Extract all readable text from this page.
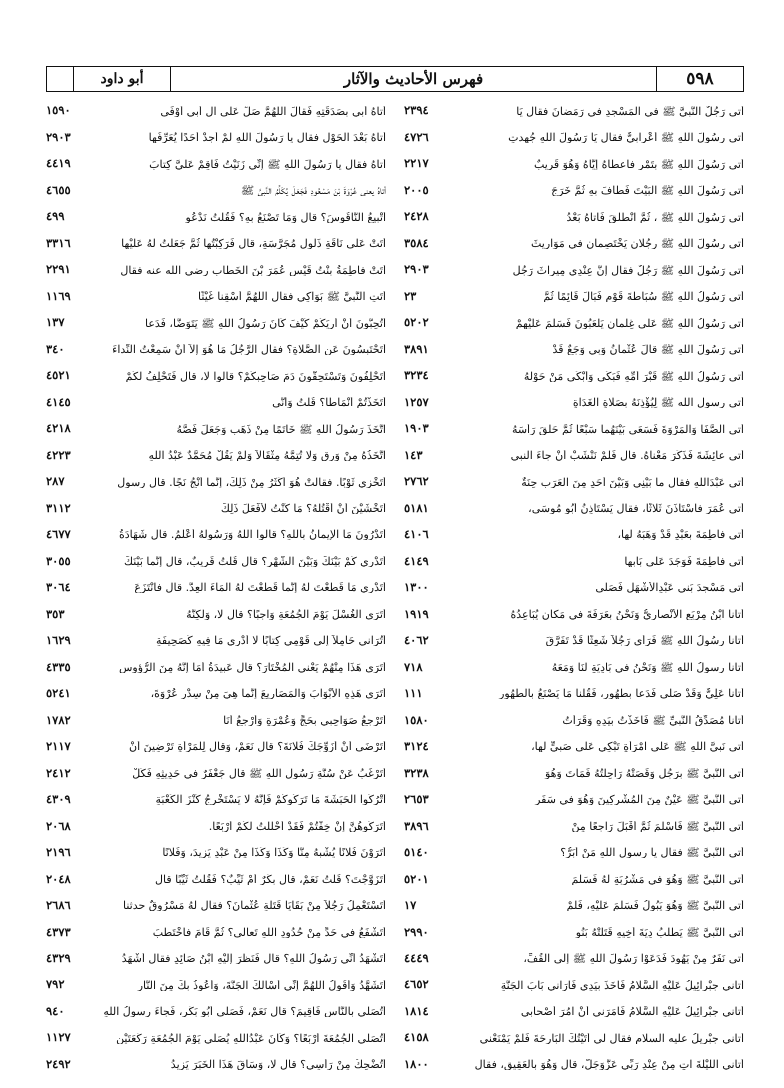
٥٩٨
فهرس الأحاديث والآثار
أبو داود
أتى رَجُلٌ النَّبيَّ ﷺ في المَسْجِدِ في رَمَضانَ فقال يَا
٢٣٩٤
أتى رسُولَ اللهِ ﷺ أعْرابيٌّ فقال يَا رَسُولَ اللهِ جُهِدتِ
٤٧٢٦
أتى رَسُولَ اللهِ ﷺ بتَمْرٍ فأعطاهُ إيَّاهُ وَهُوَ قَرِيبٌ
٢٢١٧
أتى رَسُولَ اللهِ ﷺ البَيْتَ فَطَافَ بِهِ ثُمَّ خَرَجَ
٢٠٠٥
أتى رَسُولَ اللهِ ﷺ ، ثُمَّ انْطَلَقَ فَأتاهُ بَعْدُ
٢٤٢٨
أتى رسُولَ اللهِ ﷺ رجُلانِ يَخْتَصِمانِ في مَوَارِيثَ
٣٥٨٤
أتى رَسُولَ اللهِ ﷺ رَجُلٌ فقال إنَّ عِنْدِي مِيراثَ رَجُلٍ
٢٩٠٣
أتى رَسُولُ اللهِ ﷺ سُبَاطَةَ قَوْمٍ فَبَالَ قَائِمًا ثُمَّ
٢٣
أتى رَسُولُ اللهِ ﷺ عَلَى غِلْمانٍ يَلْعَبُونَ فَسَلَّمَ عَلَيْهِمْ
٥٢٠٢
أتى رَسُولَ اللهِ ﷺ قالَ عُثْمانُ وَبِي وَجَعٌ قَدْ
٣٨٩١
أتى رَسُولُ اللهِ ﷺ قَبْرَ أُمِّهِ فَبَكَى وَأبْكَى مَنْ حَوْلَهُ
٣٢٣٤
أتى رسول الله ﷺ لِيُؤْذِنَهُ بِصَلاةِ الغَدَاةِ
١٢٥٧
أتى الصَّفَا وَالمَرْوَةَ فَسَعَى بَيْنَهُما سَبْعًا ثُمَّ حَلَقَ رَأْسَهُ
١٩٠٣
أتى عائِشَةَ فَذَكَرَ مَعْناهُ. قال فَلَمْ نَنْشَبْ أنْ جاءَ النبي
١٤٣
أتى عَبْدَاللهِ فقال ما بَيْنِي وَبَيْنَ أحَدٍ مِنَ العَرَبِ حِنَةٌ
٢٧٦٢
أتى عُمَرَ فاسْتَأذَنَ ثَلاثًا، فقال يَسْتَأْذِنُ أبُو مُوسَى،
٥١٨١
أتى فاطِمَةَ بِعَبْدٍ قَدْ وَهَبَهُ لَها،
٤١٠٦
أتى فاطِمَةَ فَوَجَدَ عَلَى بَابِها
٤١٤٩
أتى مَسْجِدَ بَني عَبْدِالأشْهَلِ فَصَلَّى
١٣٠٠
أتانا ابْنُ مِرْبَعٍ الأنْصارِيُّ وَنَحْنُ بِعَرَفَةَ في مَكانٍ يُبَاعِدُهُ
١٩١٩
أتانا رسُولُ اللهِ ﷺ فَرَأى رَجُلاً شَعِثًا قَدْ تَفَرَّقَ
٤٠٦٢
أتانا رسولُ اللهِ ﷺ وَنَحْنُ في بَادِيَةٍ لَنَا وَمَعَهُ
٧١٨
أتانا عَلِيٌّ وَقَدْ صَلَّى فَدَعا بِطَهُورٍ، فَقُلْنا مَا يَصْنَعُ بِالطَّهُورِ
١١١
أتانا مُصَدِّقُ النَّبيِّ ﷺ فَأخَذْتُ بِيَدِهِ وَقَرَأْتُ
١٥٨٠
أتى نَبيَّ اللهِ ﷺ عَلَى امْرَأةٍ تَبْكِي عَلَى صَبِيٍّ لَها،
٣١٢٤
أتى النَّبيَّ ﷺ بِرَجُلٍ وَقَصَتْهُ رَاحِلَتُهُ فَمَاتَ وَهُوَ
٣٢٣٨
أتى النَّبيَّ ﷺ عَيْنٌ مِنَ المُشْرِكِينَ وَهُوَ في سَفَرٍ
٢٦٥٣
أتى النَّبيَّ ﷺ فَأسْلَمَ ثُمَّ أقْبَلَ رَاجِعًا مِنْ
٣٨٩٦
أتى النَّبيَّ ﷺ فقال يا رسول اللهِ مَنْ أبَرُّ؟
٥١٤٠
أتى النَّبيَّ ﷺ وَهُوَ في مَشْرُبَةٍ لَهُ فَسَلَّمَ
٥٢٠١
أتى النَّبيَّ ﷺ وَهُوَ يَبُولُ فَسَلَّمَ عَلَيْهِ، فَلَمْ
١٧
أتى النَّبيَّ ﷺ يَطْلُبُ دِيَةَ أخِيهِ قَتَلَتْهُ بَنُو
٢٩٩٠
أتى نَفَرٌ مِنْ يَهُودَ فَدَعَوْا رَسُولَ اللهِ ﷺ إلى القُفِّ،
٤٤٤٩
أتاني جِبْرائِيلُ عَلَيْهِ السَّلامُ فَأخَذَ بِيَدِي فَأرَاني بَابَ الجَنَّةِ
٤٦٥٢
أتاني جِبْرائِيلُ عَلَيْهِ السَّلامُ فَأمَرَني أنْ آمُرَ أصْحابي
١٨١٤
أتاني جِبْرِيلُ عليه السلام فقال لي أتَيْتُكَ البَارِحَةَ فَلَمْ يَمْنَعْني
٤١٥٨
أتاني اللَّيْلَةَ آتٍ مِنْ عِنْدِ رَبِّي عَزَّوَجَلَّ، قال وَهُوَ بِالعَقِيقِ، فقال
١٨٠٠
أتاهُ أبي بِصَدَقَتِهِ فَقالَ اللهُمَّ صَلِّ عَلَى آلِ أبي أوْفَى
١٥٩٠
أتاهُ بَعْدَ الحَوْلِ فقال يا رَسُولَ اللهِ لَمْ أجِدْ أحَدًا يُعَرِّفُها
٢٩٠٣
أتاهُ فقال يا رَسُولَ اللهِ ﷺ إنِّي زَنَيْتُ فَأقِمْ عَلَيَّ كِتابَ
٤٤١٩
أتاهُ يعني عُرْوَةَ بْنَ مَسْعُودٍ فَجَعَلَ يُكَلِّمُ النَّبيَّ ﷺ
٤٦٥٥
أتْبِيعُ النَّاقُوسَ؟ قال وَمَا تَصْنَعُ بِهِ؟ فَقُلْتُ نَدْعُو
٤٩٩
أتَتْ عَلَى نَاقَةٍ ذَلُولٍ مُجَرَّسَةٍ، قال فَرَكِبْتُها ثُمَّ جَعَلْتُ لَهُ عَلَيْها
٣٣١٦
أتَتْ فاطِمَةُ بِنْتُ قَيْسٍ عُمَرَ بْنَ الخَطَّابِ رضي الله عنه فقال
٢٢٩١
أتَتِ النَّبيَّ ﷺ بَوَاكِي فقال اللهُمَّ أسْقِنا غَيْثًا
١١٦٩
أتُحِبُّونَ أنْ أُرِيَكُمْ كَيْفَ كَانَ رَسُولُ اللهِ ﷺ يَتَوَضَّأُ، فَدَعا
١٣٧
أتَحْتَبِسُونَ عَنِ الصَّلاةِ؟ فقال الرَّجُلُ مَا هُوَ إلاَّ أنْ سَمِعْتُ النِّداءَ
٣٤٠
أتَحْلِفُونَ وَتَسْتَحِقُّونَ دَمَ صَاحِبِكُمْ؟ قالوا لا، قال فَتَحْلِفُ لَكُمْ
٤٥٢١
أتَخَذْتُمْ أنْمَاطًا؟ قُلْتُ وَأنَّى
٤١٤٥
اتَّخَذَ رَسُولُ اللهِ ﷺ خَاتَمًا مِنْ ذَهَبٍ وَجَعَلَ فَصَّهُ
٤٢١٨
اتَّخَذُهُ مِنْ وَرِقٍ وَلا تُتِمَّهُ مِثْقَالاً وَلَمْ يَقُلْ مُحَمَّدٌ عَبْدُ اللهِ
٤٢٢٣
أتَخْزِي ثَوْبًا. فقالتْ هُوَ أكْثَرُ مِنْ ذَلِكَ، إنَّما أنْجُ نَجًا. قال رسول
٢٨٧
أتَخْشَيْنَ أنْ أقْتُلَهُ؟ مَا كُنْتُ لأفْعَلَ ذَلِكَ
٣١١٢
أتَدْرُونَ مَا الإيمانُ باللهِ؟ قالوا اللهُ وَرَسُولُهُ أعْلَمُ. قال شَهَادَةُ
٤٦٧٧
أتَدْرِي كَمْ بَيْنَكَ وَبَيْنَ الشَّهْرِ؟ قال قُلْتُ قَرِيبٌ، قال إنَّما بَيْنَكَ
٣٠٥٥
أتَدْرِي مَا قَطَعْتَ لَهُ إنَّما قَطَعْتَ لَهُ المَاءَ العِدَّ. قال فانْتَزَعَ
٣٠٦٤
أتَرَى الغُسْلَ يَوْمَ الجُمُعَةِ وَاجِبًا؟ قال لا، وَلَكِنَّهُ
٣٥٣
أتُرَاني حَامِلاً إلى قَوْمِي كِتابًا لا أدْرِي مَا فِيهِ كَصَحِيفَةِ
١٦٢٩
أتَرَى هَذَا مِنْهُمْ يَعْني المُخْتَارَ؟ قال عَبِيدَةُ أمَا إنَّهُ مِنَ الرُّؤوسِ
٤٣٣٥
أتَرَى هَذِهِ الأبْوَابَ وَالمَصَارِيعَ إنَّما هِيَ مِنْ سِدْرِ عُرْوَةَ،
٥٢٤١
أتَرْجِعُ صَوَاحِبِي بِحَجٍّ وَعُمْرَةٍ وَأرْجِعُ أنَا
١٧٨٢
أتَرْضَى أنْ أُزَوِّجَكَ فُلانَةَ؟ قال نَعَمْ، وَقال لِلْمَرْأَةِ تَرْضِينَ أنْ
٢١١٧
أتَرْغَبُ عَنْ سُنَّةِ رَسُولِ اللهِ ﷺ قال جَعْفَرٌ في حَدِيثِهِ فَكُلْ
٢٤١٢
أتْرُكُوا الحَبَشَةَ مَا تَرَكُوكُمْ فَإنَّهُ لا يَسْتَخْرِجُ كَنْزَ الكَعْبَةِ
٤٣٠٩
أتَرَكُوهُنَّ إنْ خِفْتُمْ فَقَدْ أحْلَلْتُ لَكُمْ أرْبَعًا.
٢٠٦٨
أتَرَوْنَ فُلانًا يُشْبِهُ مِنَّا وَكَذَا وَكَذَا مِنْ عَبْدِ يَزِيدَ، وَفُلانًا
٢١٩٦
أتَزَوَّجْتَ؟ قُلْتُ نَعَمْ، قال بِكْرٌ أمْ ثَيِّبٌ؟ فَقُلْتُ ثَيِّبًا قال
٢٠٤٨
أتَسْتَعْمِلُ رَجُلاً مِنْ بَقَايَا قَتَلَةِ عُثْمانَ؟ فقال لَهُ مَسْرُوقٌ حدثنا
٢٦٨٦
أتَشْفَعُ في حَدٍّ مِنْ حُدُودِ اللهِ تَعالَى؟ ثُمَّ قَامَ فاخْتَطَبَ
٤٣٧٣
أتَشْهَدُ أنِّي رَسُولُ اللهِ؟ قال فَنَظَرَ إلَيْهِ ابْنُ صَائِدٍ فقال أشْهَدُ
٤٣٢٩
أتَشَهَّدُ وَأقُولُ اللهُمَّ إنِّي أسْألُكَ الجَنَّةَ، وَأعُوذُ بِكَ مِنَ النَّارِ
٧٩٢
أتُصَلِّي بِالنَّاسِ فَأُقِيمَ؟ قال نَعَمْ، فَصَلَّى أبُو بَكْرٍ، فَجاءَ رسولُ اللهِ
٩٤٠
أتُصَلِّي الجُمُعَةَ أرْبَعًا؟ وَكَانَ عَبْدُاللهِ يُصَلِّي يَوْمَ الجُمُعَةِ رَكْعَتَيْنِ
١١٢٧
أتُضْحِكُ مِنْ رَأْسِي؟ قال لا، وَسَاقَ هَذَا الخَبَرَ يَزِيدُ
٢٤٩٢
